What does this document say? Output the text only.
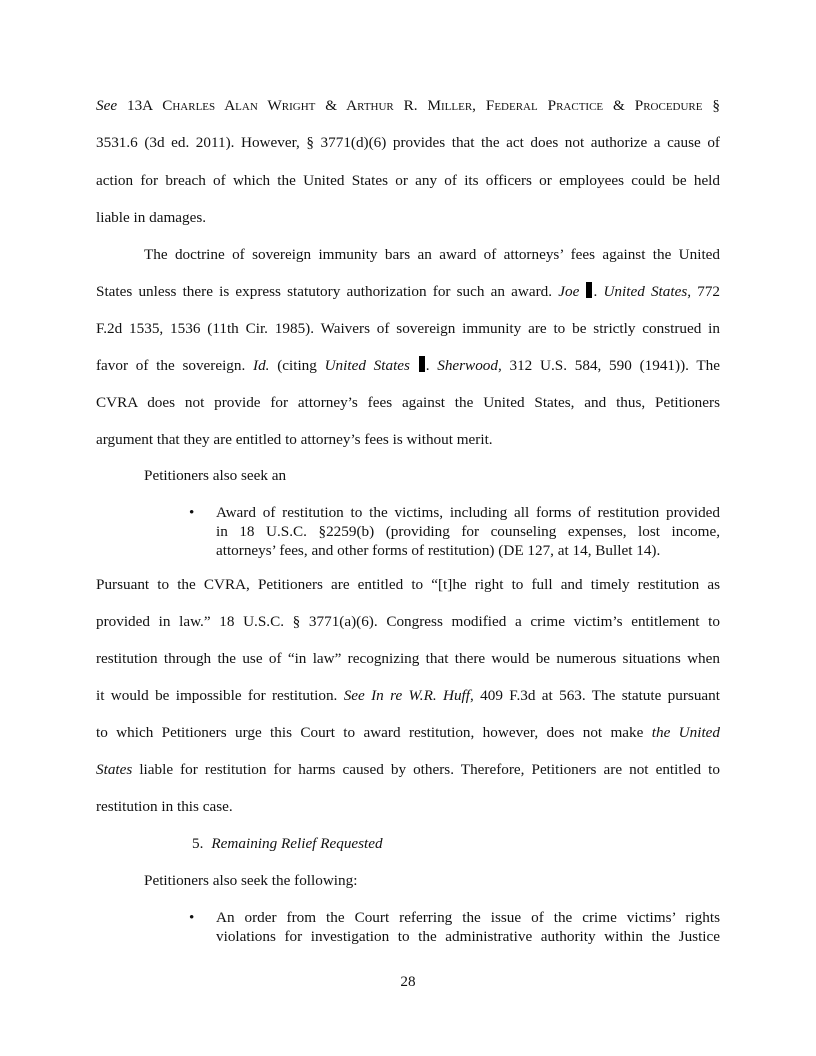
See 13A Charles Alan Wright & Arthur R. Miller, Federal Practice & Procedure §
3531.6 (3d ed. 2011). However, § 3771(d)(6) provides that the act does not authorize a cause of
action for breach of which the United States or any of its officers or employees could be held
liable in damages.
The doctrine of sovereign immunity bars an award of attorneys’ fees against the United
States unless there is express statutory authorization for such an award. Joe . United States, 772
F.2d 1535, 1536 (11th Cir. 1985). Waivers of sovereign immunity are to be strictly construed in
favor of the sovereign. Id. (citing United States . Sherwood, 312 U.S. 584, 590 (1941)). The
CVRA does not provide for attorney’s fees against the United States, and thus, Petitioners
argument that they are entitled to attorney’s fees is without merit.
Petitioners also seek an
•	Award of restitution to the victims, including all forms of restitution provided
in 18 U.S.C. §2259(b) (providing for counseling expenses, lost income,
attorneys’ fees, and other forms of restitution) (DE 127, at 14, Bullet 14).
Pursuant to the CVRA, Petitioners are entitled to “[t]he right to full and timely restitution as
provided in law.” 18 U.S.C. § 3771(a)(6). Congress modified a crime victim’s entitlement to
restitution through the use of “in law” recognizing that there would be numerous situations when
it would be impossible for restitution. See In re W.R. Huff, 409 F.3d at 563. The statute pursuant
to which Petitioners urge this Court to award restitution, however, does not make the United
States liable for restitution for harms caused by others. Therefore, Petitioners are not entitled to
restitution in this case.
5. Remaining Relief Requested
Petitioners also seek the following:
•	An order from the Court referring the issue of the crime victims’ rights
violations for investigation to the administrative authority within the Justice
28
